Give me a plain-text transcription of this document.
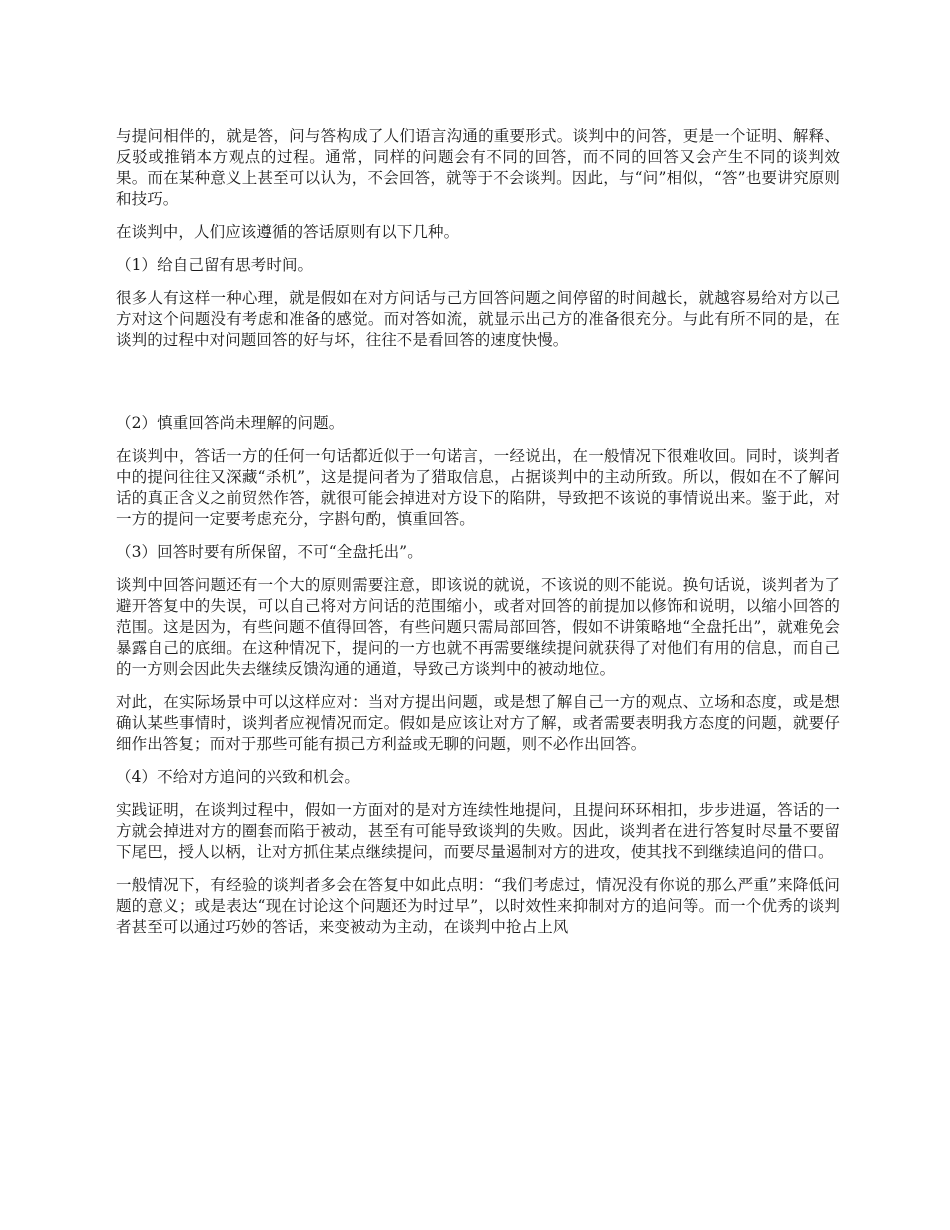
与提问相伴的，就是答，问与答构成了人们语言沟通的重要形式。谈判中的问答，更是一个证明、解释、反驳或推销本方观点的过程。通常，同样的问题会有不同的回答，而不同的回答又会产生不同的谈判效果。而在某种意义上甚至可以认为，不会回答，就等于不会谈判。因此，与“问”相似，“答”也要讲究原则和技巧。

在谈判中，人们应该遵循的答话原则有以下几种。

（1）给自己留有思考时间。

很多人有这样一种心理，就是假如在对方问话与己方回答问题之间停留的时间越长，就越容易给对方以己方对这个问题没有考虑和准备的感觉。而对答如流，就显示出己方的准备很充分。与此有所不同的是，在谈判的过程中对问题回答的好与坏，往往不是看回答的速度快慢。

（2）慎重回答尚未理解的问题。

在谈判中，答话一方的任何一句话都近似于一句诺言，一经说出，在一般情况下很难收回。同时，谈判者中的提问往往又深藏“杀机”，这是提问者为了猎取信息，占据谈判中的主动所致。所以，假如在不了解问话的真正含义之前贸然作答，就很可能会掉进对方设下的陷阱，导致把不该说的事情说出来。鉴于此，对一方的提问一定要考虑充分，字斟句酌，慎重回答。

（3）回答时要有所保留，不可“全盘托出”。

谈判中回答问题还有一个大的原则需要注意，即该说的就说，不该说的则不能说。换句话说，谈判者为了避开答复中的失误，可以自己将对方问话的范围缩小，或者对回答的前提加以修饰和说明，以缩小回答的范围。这是因为，有些问题不值得回答，有些问题只需局部回答，假如不讲策略地“全盘托出”，就难免会暴露自己的底细。在这种情况下，提问的一方也就不再需要继续提问就获得了对他们有用的信息，而自己的一方则会因此失去继续反馈沟通的通道，导致己方谈判中的被动地位。

对此，在实际场景中可以这样应对：当对方提出问题，或是想了解自己一方的观点、立场和态度，或是想确认某些事情时，谈判者应视情况而定。假如是应该让对方了解，或者需要表明我方态度的问题，就要仔细作出答复；而对于那些可能有损己方利益或无聊的问题，则不必作出回答。

（4）不给对方追问的兴致和机会。

实践证明，在谈判过程中，假如一方面对的是对方连续性地提问，且提问环环相扣，步步进逼，答话的一方就会掉进对方的圈套而陷于被动，甚至有可能导致谈判的失败。因此，谈判者在进行答复时尽量不要留下尾巴，授人以柄，让对方抓住某点继续提问，而要尽量遏制对方的进攻，使其找不到继续追问的借口。

一般情况下，有经验的谈判者多会在答复中如此点明：“我们考虑过，情况没有你说的那么严重”来降低问题的意义；或是表达“现在讨论这个问题还为时过早”，以时效性来抑制对方的追问等。而一个优秀的谈判者甚至可以通过巧妙的答话，来变被动为主动，在谈判中抢占上风
